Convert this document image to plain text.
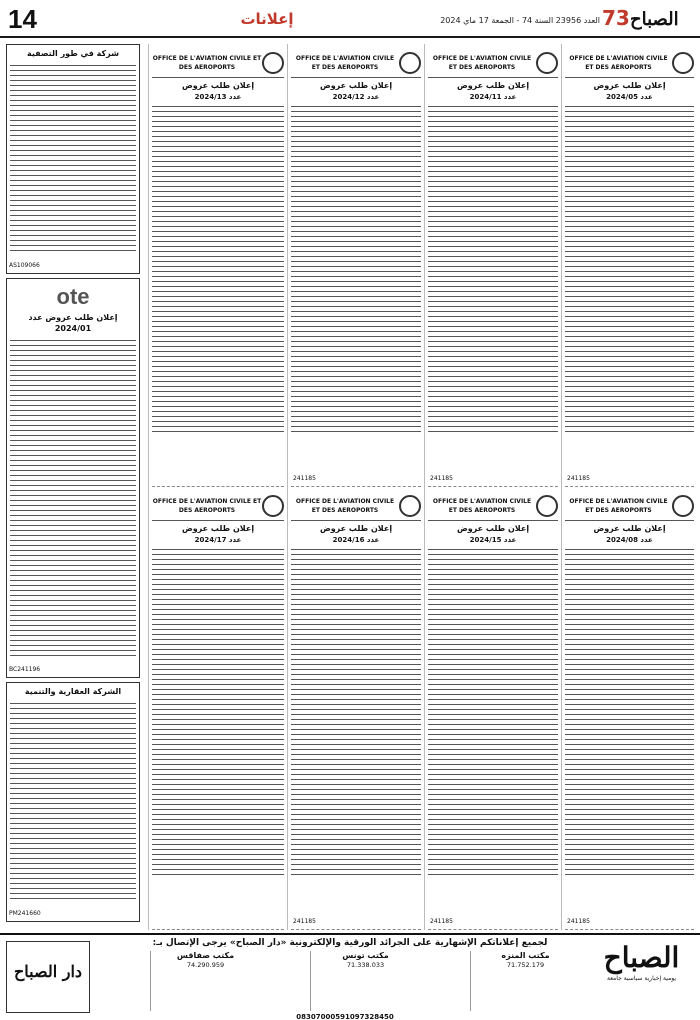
14	إعلانات	العدد 23956 السنة 74 - الجمعة 17 ماي 2024 73 الصباح
OFFICE DE L'AVIATION CIVILE ET DES AEROPORTS
إعلان طلب عروض
عدد 2024/05
241185
OFFICE DE L'AVIATION CIVILE ET DES AEROPORTS
إعلان طلب عروض
عدد 2024/08
241185
OFFICE DE L'AVIATION CIVILE ET DES AEROPORTS
إعلان طلب عروض
عدد 2024/11
241185
OFFICE DE L'AVIATION CIVILE ET DES AEROPORTS
إعلان طلب عروض
عدد 2024/15
241185
OFFICE DE L'AVIATION CIVILE ET DES AEROPORTS
إعلان طلب عروض
عدد 2024/12
241185
OFFICE DE L'AVIATION CIVILE ET DES AEROPORTS
إعلان طلب عروض
عدد 2024/16
241185
OFFICE DE L'AVIATION CIVILE ET DES AEROPORTS
إعلان طلب عروض
عدد 2024/13
OFFICE DE L'AVIATION CIVILE ET DES AEROPORTS
إعلان طلب عروض
عدد 2024/17
شركة في طور التصفية
AS109066
ote
إعلان طلب عروض عدد 2024/01
BC241196
الشركة العقارية والتنمية
PM241660
لجميع إعلاناتكم الإشهارية على الجرائد الورقية والإلكترونية «دار الصباح» يرجى الإتصال بـ:	الصباح
يومية إخبارية سياسية جامعة
مكتب المنزه
71.752.179
مكتب تونس
71.338.033
مكتب صفاقس
74.290.959
دار الصباح
08307000591097328450
